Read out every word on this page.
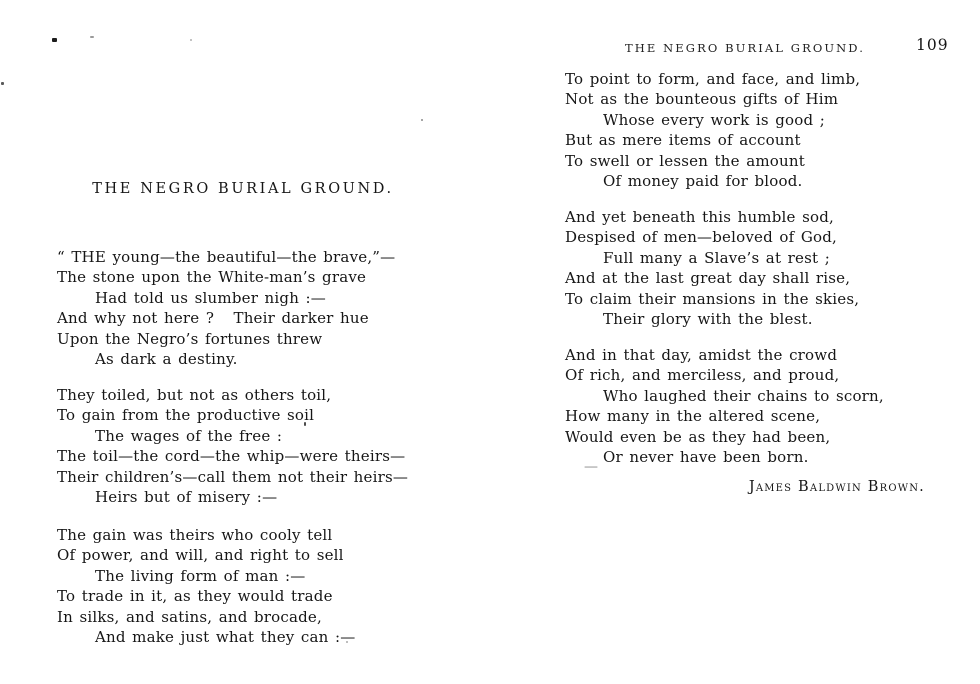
THE NEGRO BURIAL GROUND.
“ THE young—the beautiful—the brave,”—
The stone upon the White-man’s grave
Had told us slumber nigh :—
And why not here ?   Their darker hue
Upon the Negro’s fortunes threw
As dark a destiny.
They toiled, but not as others toil,
To gain from the productive soil
The wages of the free :
The toil—the cord—the whip—were theirs—
Their children’s—call them not their heirs—
Heirs but of misery :—
The gain was theirs who cooly tell
Of power, and will, and right to sell
The living form of man :—
To trade in it, as they would trade
In silks, and satins, and brocade,
And make just what they can :—
THE NEGRO BURIAL GROUND.	109
To point to form, and face, and limb,
Not as the bounteous gifts of Him
Whose every work is good ;
But as mere items of account
To swell or lessen the amount
Of money paid for blood.
And yet beneath this humble sod,
Despised of men—beloved of God,
Full many a Slave’s at rest ;
And at the last great day shall rise,
To claim their mansions in the skies,
Their glory with the blest.
And in that day, amidst the crowd
Of rich, and merciless, and proud,
Who laughed their chains to scorn,
How many in the altered scene,
Would even be as they had been,
Or never have been born.
—
James Baldwin Brown.
